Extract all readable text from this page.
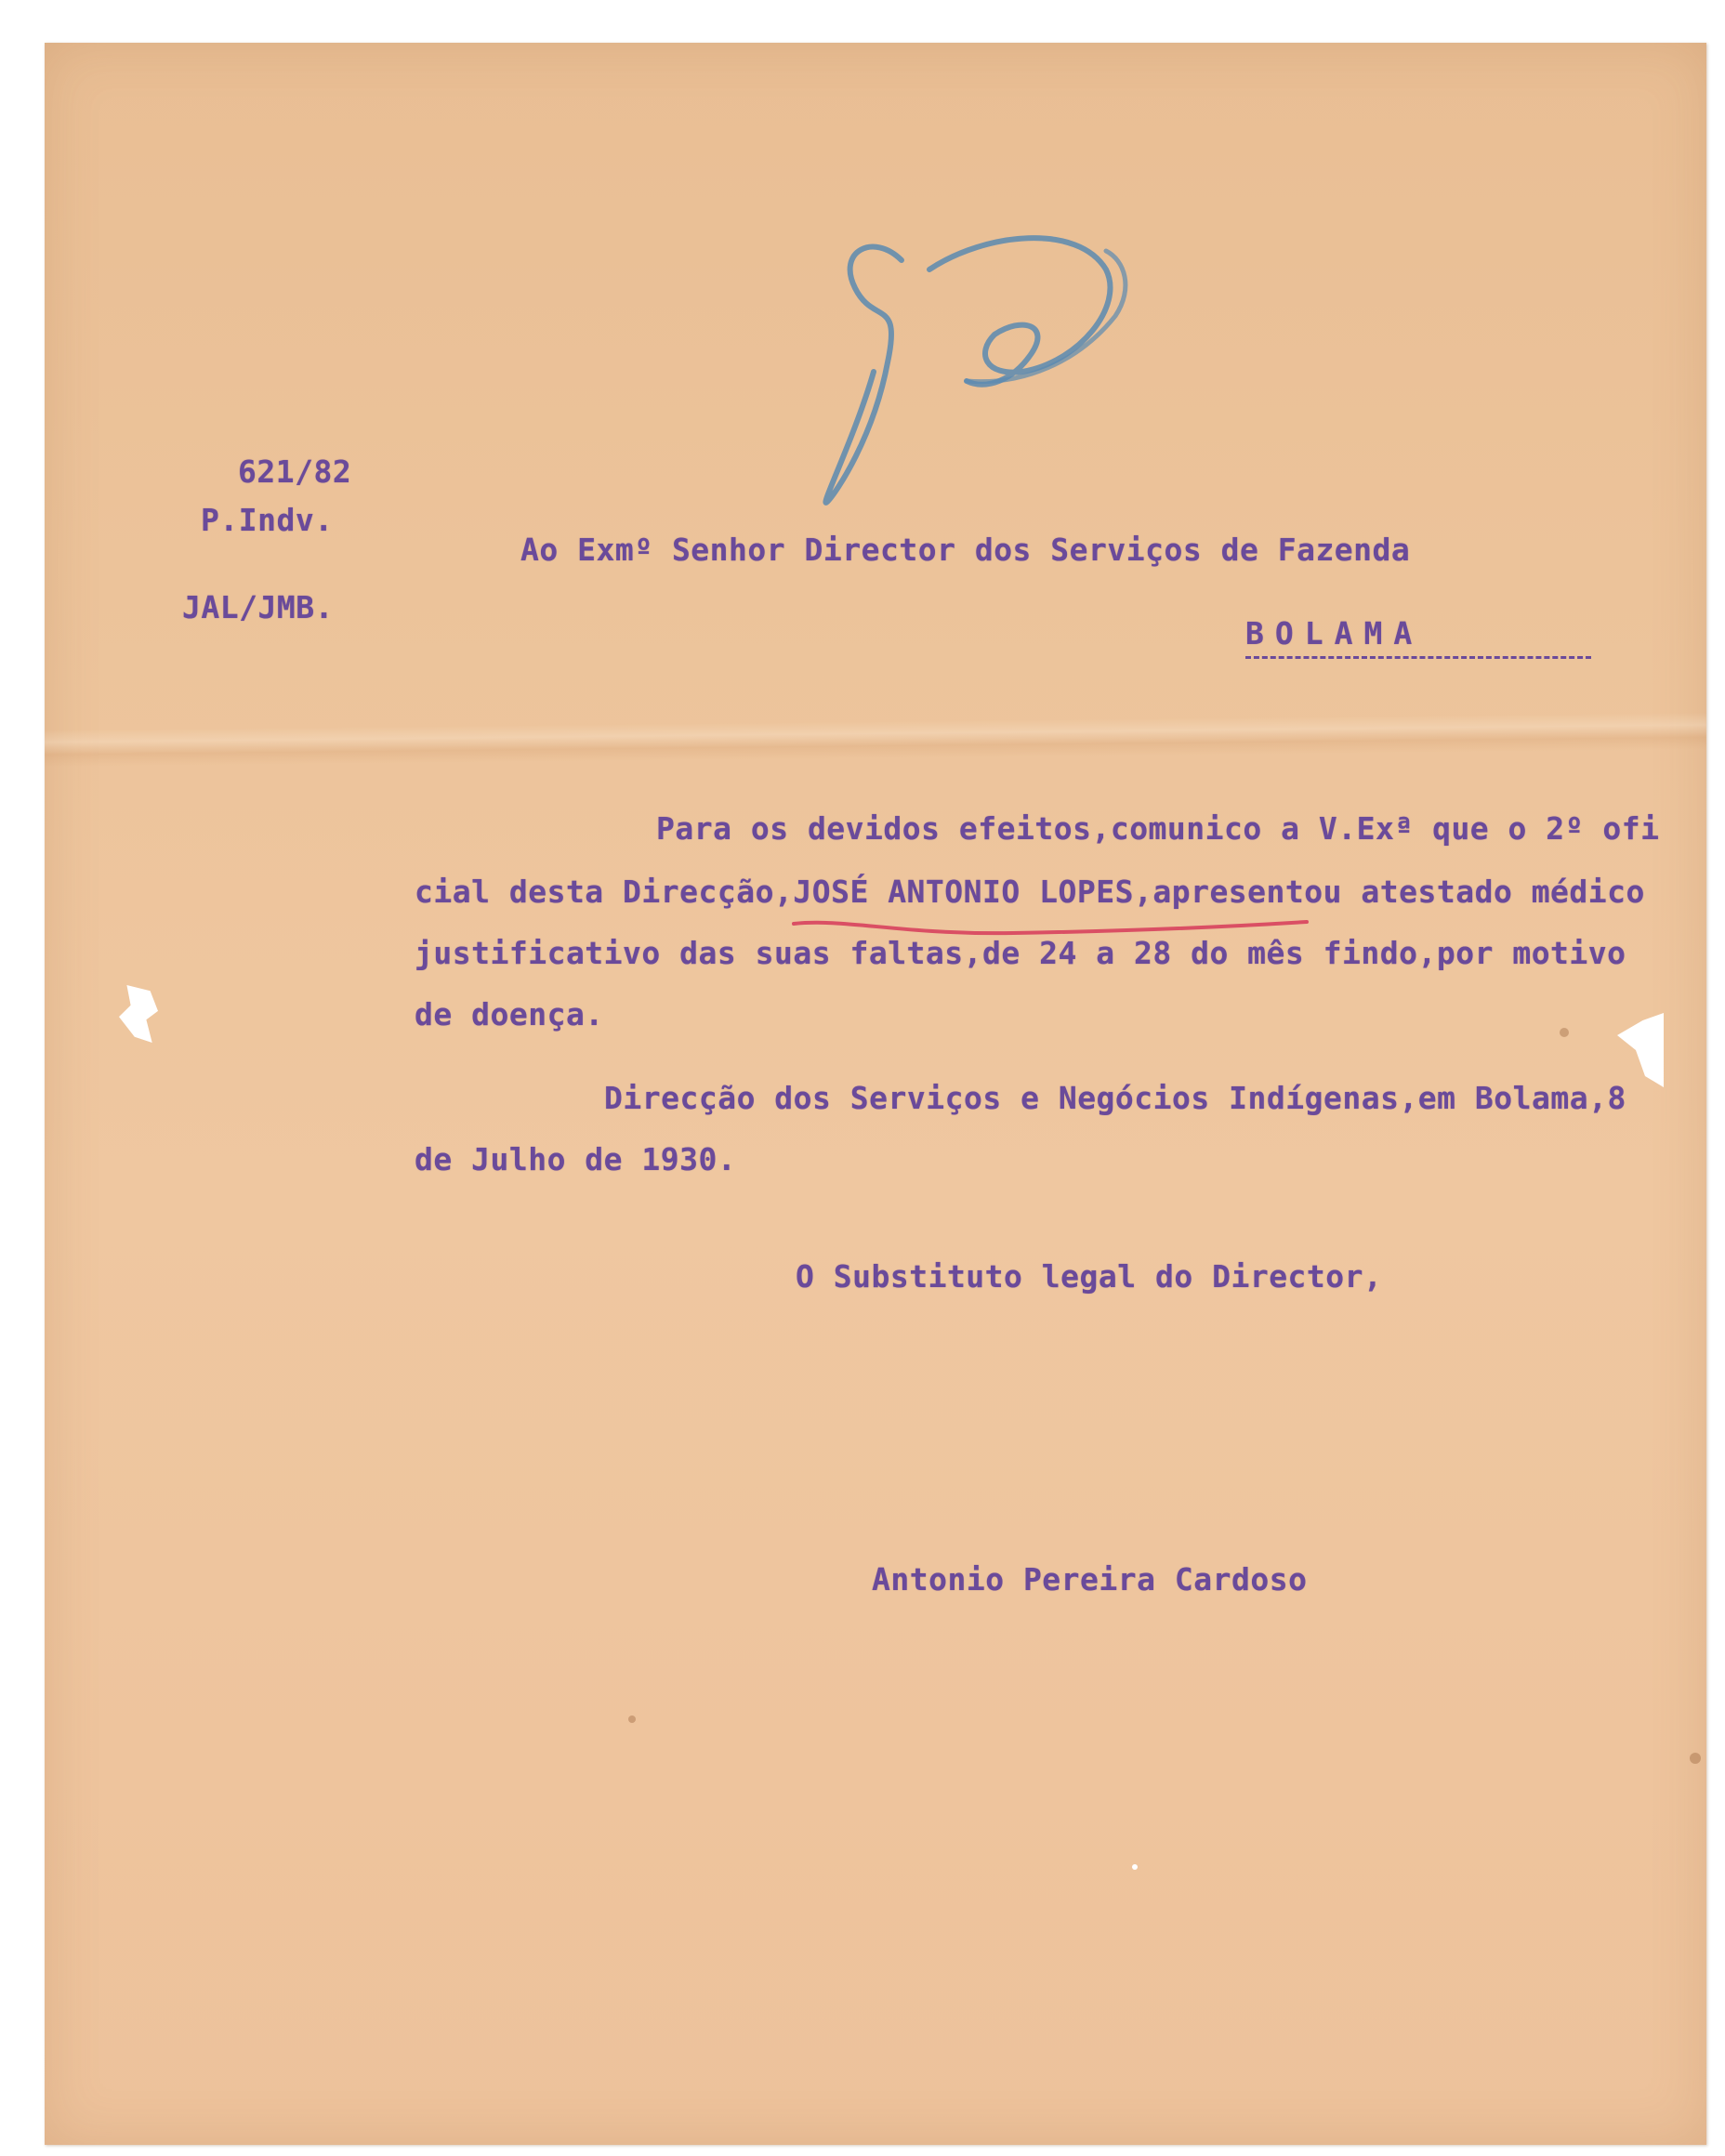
621/82
P.Indv.
JAL/JMB.
Ao Exmº Senhor Director dos Serviços de Fazenda
BOLAMA
Para os devidos efeitos,comunico a V.Exª que o 2º ofi
cial desta Direcção,JOSÉ ANTONIO LOPES,apresentou atestado médico
justificativo das suas faltas,de 24 a 28 do mês findo,por motivo
de doença.
Direcção dos Serviços e Negócios Indígenas,em Bolama,8
de Julho de 1930.
O Substituto legal do Director,
Antonio Pereira Cardoso
